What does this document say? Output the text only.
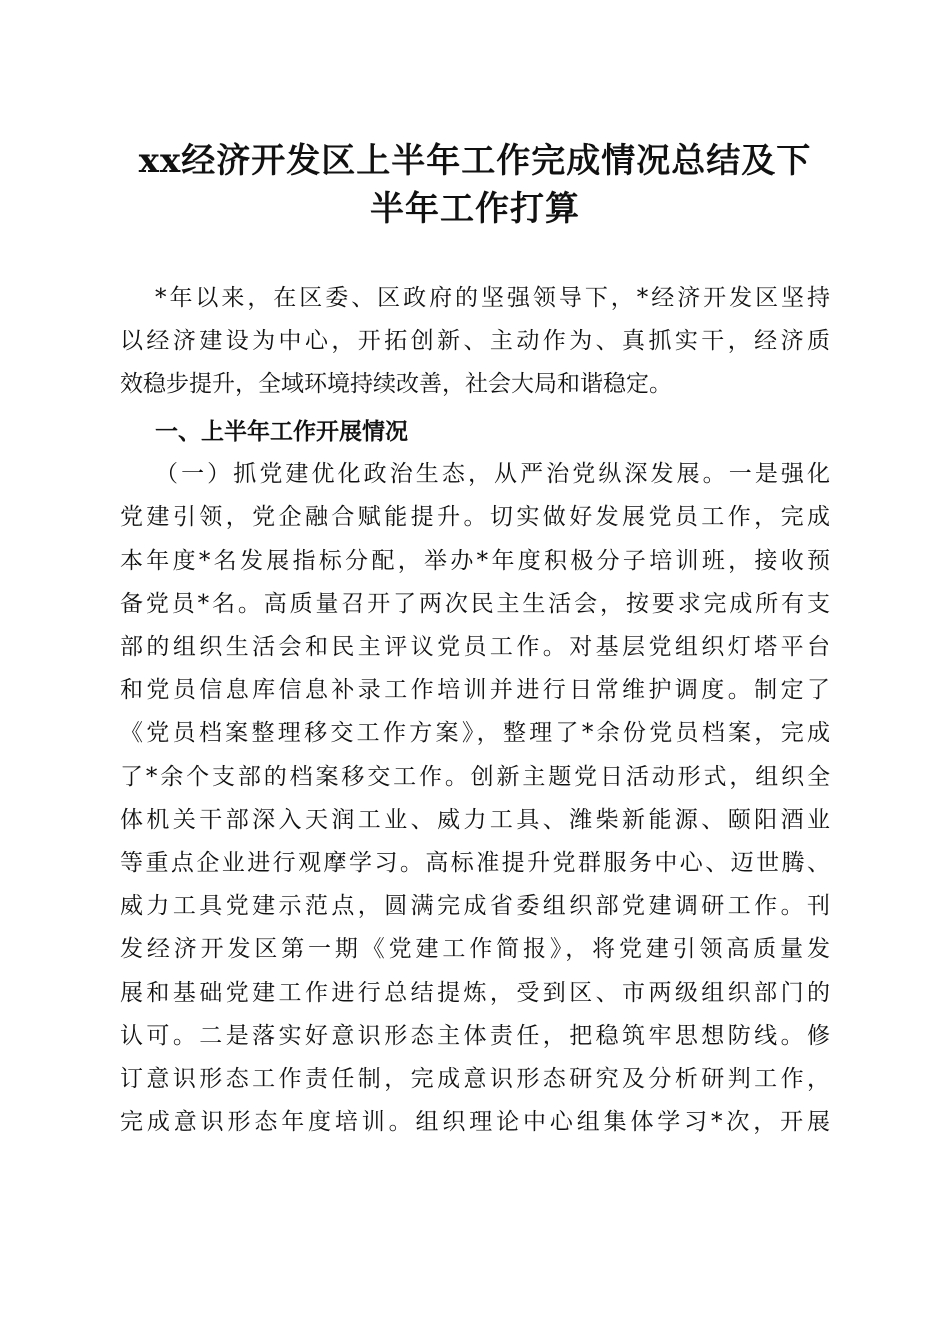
xx经济开发区上半年工作完成情况总结及下
半年工作打算
*年以来，在区委、区政府的坚强领导下，*经济开发区坚持
以经济建设为中心，开拓创新、主动作为、真抓实干，经济质
效稳步提升，全域环境持续改善，社会大局和谐稳定。
一、上半年工作开展情况
（一）抓党建优化政治生态，从严治党纵深发展。一是强化
党建引领，党企融合赋能提升。切实做好发展党员工作，完成
本年度*名发展指标分配，举办*年度积极分子培训班，接收预
备党员*名。高质量召开了两次民主生活会，按要求完成所有支
部的组织生活会和民主评议党员工作。对基层党组织灯塔平台
和党员信息库信息补录工作培训并进行日常维护调度。制定了
《党员档案整理移交工作方案》，整理了*余份党员档案，完成
了*余个支部的档案移交工作。创新主题党日活动形式，组织全
体机关干部深入天润工业、威力工具、潍柴新能源、颐阳酒业
等重点企业进行观摩学习。高标准提升党群服务中心、迈世腾、
威力工具党建示范点，圆满完成省委组织部党建调研工作。刊
发经济开发区第一期《党建工作简报》，将党建引领高质量发
展和基础党建工作进行总结提炼，受到区、市两级组织部门的
认可。二是落实好意识形态主体责任，把稳筑牢思想防线。修
订意识形态工作责任制，完成意识形态研究及分析研判工作，
完成意识形态年度培训。组织理论中心组集体学习*次，开展
